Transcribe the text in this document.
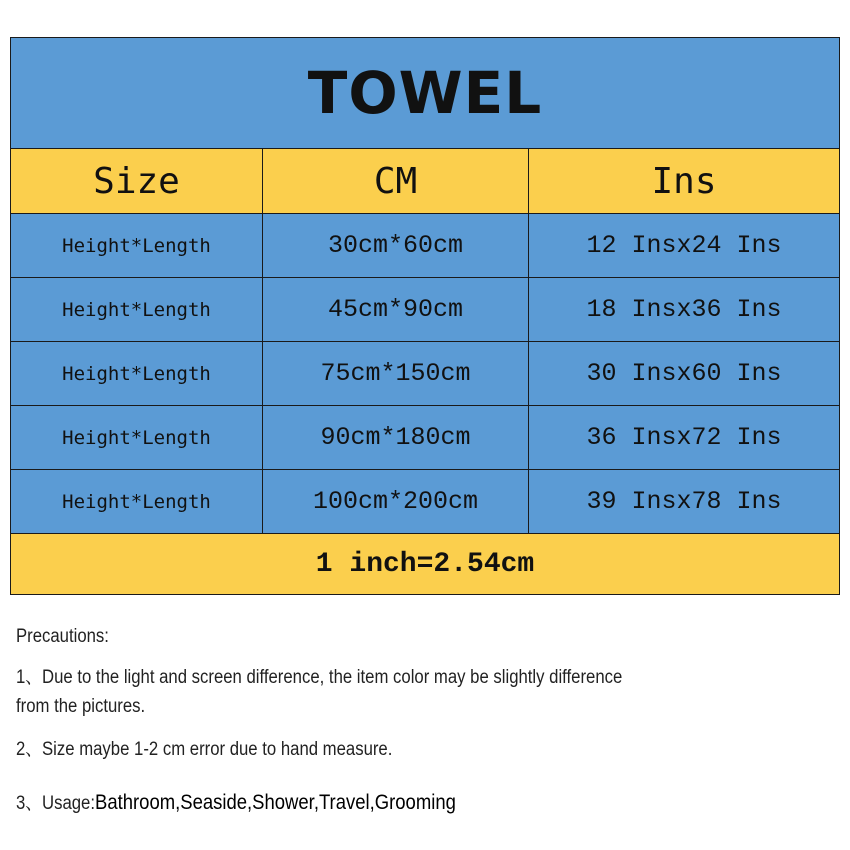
TOWEL		
Size	CM	Ins
Height*Length	30cm*60cm	12 Insx24 Ins
Height*Length	45cm*90cm	18 Insx36 Ins
Height*Length	75cm*150cm	30 Insx60 Ins
Height*Length	90cm*180cm	36 Insx72 Ins
Height*Length	100cm*200cm	39 Insx78 Ins
1 inch=2.54cm		

Precautions:

1、Due to the light and screen difference, the item color may be slightly difference

from the pictures.

2、Size maybe 1-2 cm error due to hand measure.

3、Usage:Bathroom,Seaside,Shower,Travel,Grooming
